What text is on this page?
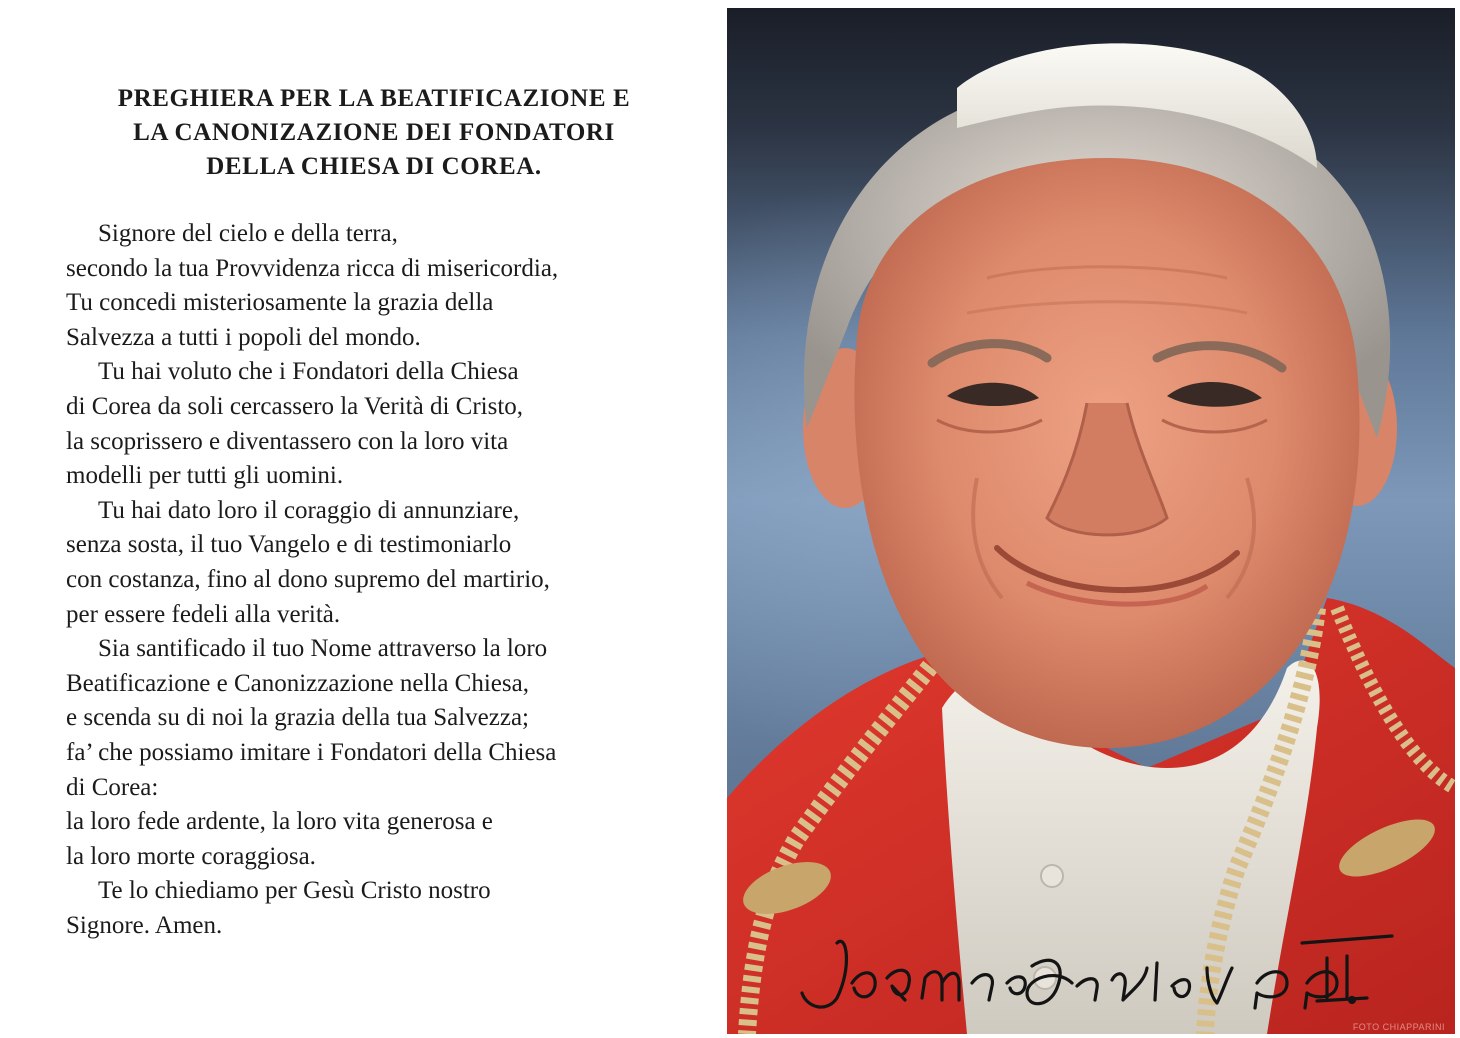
PREGHIERA PER LA BEATIFICAZIONE E
LA CANONIZAZIONE DEI FONDATORI
DELLA CHIESA DI COREA.
Signore del cielo e della terra,
secondo la tua Provvidenza ricca di misericordia,
Tu concedi misteriosamente la grazia della
Salvezza a tutti i popoli del mondo.
Tu hai voluto che i Fondatori della Chiesa
di Corea da soli cercassero la Verità di Cristo,
la scoprissero e diventassero con la loro vita
modelli per tutti gli uomini.
Tu hai dato loro il coraggio di annunziare,
senza sosta, il tuo Vangelo e di testimoniarlo
con costanza, fino al dono supremo del martirio,
per essere fedeli alla verità.
Sia santificado il tuo Nome attraverso la loro
Beatificazione e Canonizzazione nella Chiesa,
e scenda su di noi la grazia della tua Salvezza;
fa’ che possiamo imitare i Fondatori della Chiesa
di Corea:
la loro fede ardente, la loro vita generosa e
la loro morte coraggiosa.
Te lo chiediamo per Gesù Cristo nostro
Signore. Amen.
FOTO CHIAPPARINI
